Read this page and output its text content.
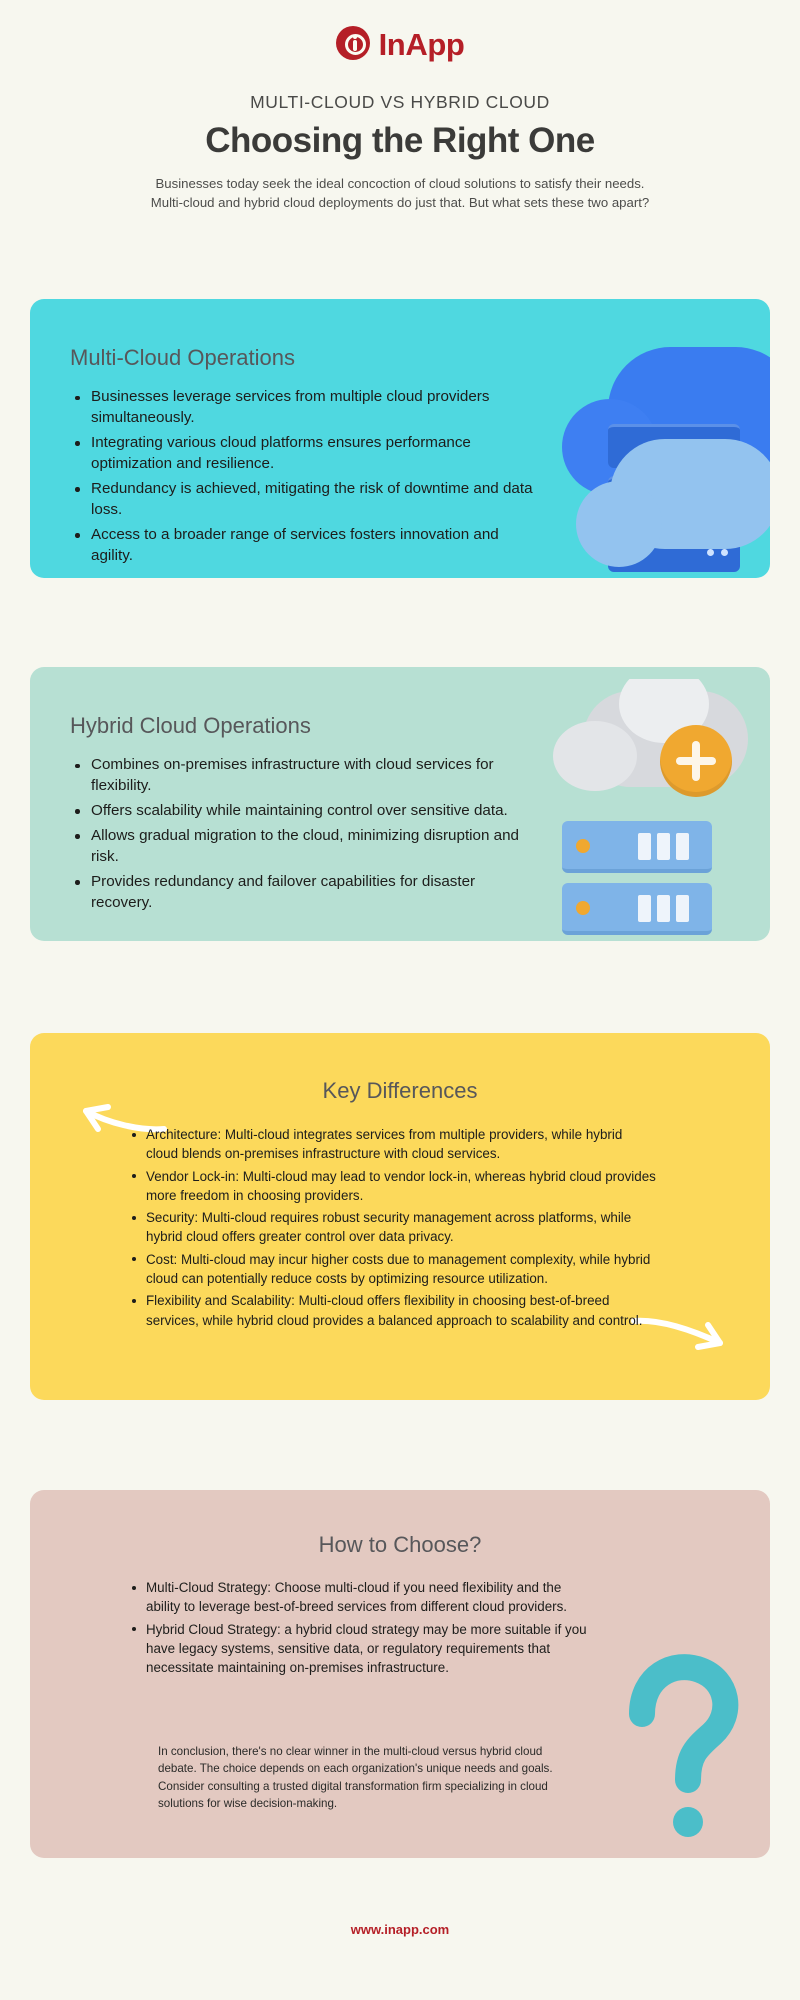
InApp
MULTI-CLOUD VS HYBRID CLOUD
Choosing the Right One
Businesses today seek the ideal concoction of cloud solutions to satisfy their needs. Multi-cloud and hybrid cloud deployments do just that. But what sets these two apart?
Multi-Cloud Operations
Businesses leverage services from multiple cloud providers simultaneously.
Integrating various cloud platforms ensures performance optimization and resilience.
Redundancy is achieved, mitigating the risk of downtime and data loss.
Access to a broader range of services fosters innovation and agility.
Hybrid Cloud Operations
Combines on-premises infrastructure with cloud services for flexibility.
Offers scalability while maintaining control over sensitive data.
Allows gradual migration to the cloud, minimizing disruption and risk.
Provides redundancy and failover capabilities for disaster recovery.
Key Differences
Architecture: Multi-cloud integrates services from multiple providers, while hybrid cloud blends on-premises infrastructure with cloud services.
Vendor Lock-in: Multi-cloud may lead to vendor lock-in, whereas hybrid cloud provides more freedom in choosing providers.
Security: Multi-cloud requires robust security management across platforms, while hybrid cloud offers greater control over data privacy.
Cost: Multi-cloud may incur higher costs due to management complexity, while hybrid cloud can potentially reduce costs by optimizing resource utilization.
Flexibility and Scalability: Multi-cloud offers flexibility in choosing best-of-breed services, while hybrid cloud provides a balanced approach to scalability and control.
How to Choose?
Multi-Cloud Strategy: Choose multi-cloud if you need flexibility and the ability to leverage best-of-breed services from different cloud providers.
Hybrid Cloud Strategy: a hybrid cloud strategy may be more suitable if you have legacy systems, sensitive data, or regulatory requirements that necessitate maintaining on-premises infrastructure.
In conclusion, there's no clear winner in the multi-cloud versus hybrid cloud debate. The choice depends on each organization's unique needs and goals. Consider consulting a trusted digital transformation firm specializing in cloud solutions for wise decision-making.
www.inapp.com
